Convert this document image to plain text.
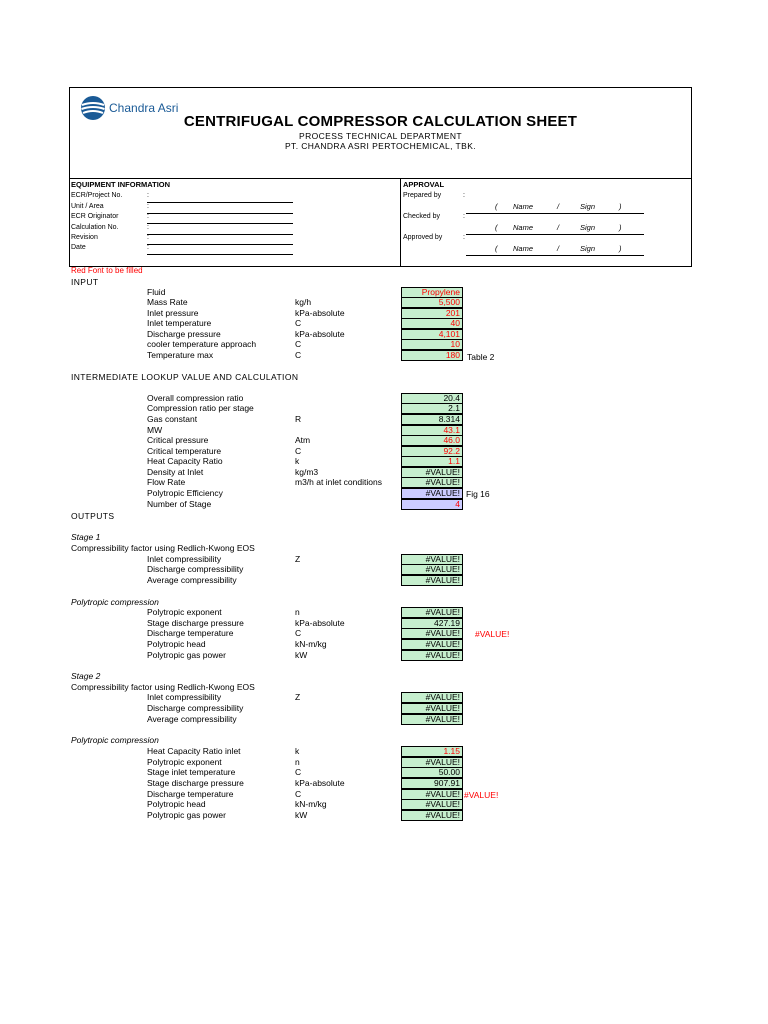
Chandra Asri
CENTRIFUGAL COMPRESSOR CALCULATION SHEET
PROCESS TECHNICAL DEPARTMENT
PT. CHANDRA ASRI PERTOCHEMICAL, TBK.
EQUIPMENT INFORMATION	APPROVAL
Red Font to be filled
INPUT
ECR/Project No.	:
Unit / Area	:
ECR Originator	:
Calculation No.	:
Revision	:
Date	:
Prepared by	:
( Name	/	Sign	)
Checked by	:
( Name	/	Sign	)
Approved by	:
( Name	/	Sign	)
Fluid	Propylene
Mass Rate	kg/h	5,500
Inlet pressure	kPa-absolute	201
Inlet temperature	C	40
Discharge pressure	kPa-absolute	4,101
cooler temperature approach	C	10
Temperature max	C	180 Table 2
INTERMEDIATE LOOKUP VALUE AND CALCULATION
Overall compression ratio	20.4
Compression ratio per stage	2.1
Gas constant	R	8.314
MW	43.1
Critical pressure	Atm	46.0
Critical temperature	C	92.2
Heat Capacity Ratio	k	1.1
Density at Inlet	kg/m3	#VALUE!
Flow Rate	m3/h at inlet conditions	#VALUE!
Polytropic Efficiency	#VALUE!
Number of Stage	4
Fig 16
OUTPUTS
Stage 1
Compressibility factor using Redlich-Kwong EOS
Inlet compressibility	Z	#VALUE!
Discharge compressibility	#VALUE!
Average compressibility	#VALUE!
Polytropic compression
Polytropic exponent	n	#VALUE!
Stage discharge pressure	kPa-absolute	427.19
Discharge temperature	C	#VALUE!
Polytropic head	kN-m/kg	#VALUE!
Polytropic gas power	kW	#VALUE!
#VALUE!
Stage 2
Compressibility factor using Redlich-Kwong EOS
Inlet compressibility	Z	#VALUE!
Discharge compressibility	#VALUE!
Average compressibility	#VALUE!
Polytropic compression
Heat Capacity Ratio inlet	k	1.15
Polytropic exponent	n	#VALUE!
Stage inlet temperature	C	50.00
Stage discharge pressure	kPa-absolute	907.91
Discharge temperature	C	#VALUE!
Polytropic head	kN-m/kg	#VALUE!
Polytropic gas power	kW	#VALUE!
#VALUE!
